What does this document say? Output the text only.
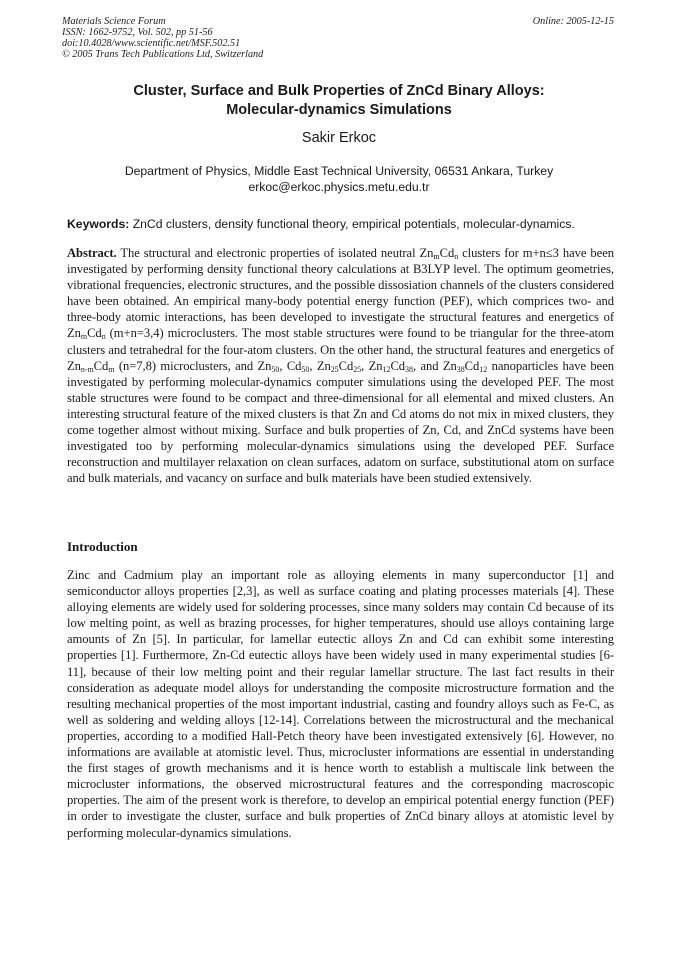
Materials Science Forum
ISSN: 1662-9752, Vol. 502, pp 51-56
doi:10.4028/www.scientific.net/MSF.502.51
© 2005 Trans Tech Publications Ltd, Switzerland
Online: 2005-12-15
Cluster, Surface and Bulk Properties of ZnCd Binary Alloys:
Molecular-dynamics Simulations
Sakir Erkoc
Department of Physics, Middle East Technical University, 06531 Ankara, Turkey
erkoc@erkoc.physics.metu.edu.tr
Keywords: ZnCd clusters, density functional theory, empirical potentials, molecular-dynamics.
Abstract. The structural and electronic properties of isolated neutral $Zn_mCd_n$ clusters for m+n≤3 have been investigated by performing density functional theory calculations at B3LYP level. The optimum geometries, vibrational frequencies, electronic structures, and the possible dissosiation channels of the clusters considered have been obtained. An empirical many-body potential energy function (PEF), which comprices two- and three-body atomic interactions, has been developed to investigate the structural features and energetics of $Zn_mCd_n$ (m+n=3,4) microclusters. The most stable structures were found to be triangular for the three-atom clusters and tetrahedral for the four-atom clusters. On the other hand, the structural features and energetics of $Zn_{n-m}Cd_m$ (n=7,8) microclusters, and $Zn_{50}$, $Cd_{50}$, $Zn_{25}Cd_{25}$, $Zn_{12}Cd_{38}$, and $Zn_{38}Cd_{12}$ nanoparticles have been investigated by performing molecular-dynamics computer simulations using the developed PEF. The most stable structures were found to be compact and three-dimensional for all elemental and mixed clusters. An interesting structural feature of the mixed clusters is that Zn and Cd atoms do not mix in mixed clusters, they come together almost without mixing. Surface and bulk properties of Zn, Cd, and ZnCd systems have been investigated too by performing molecular-dynamics simulations using the developed PEF. Surface reconstruction and multilayer relaxation on clean surfaces, adatom on surface, substitutional atom on surface and bulk materials, and vacancy on surface and bulk materials have been studied extensively.
Introduction
Zinc and Cadmium play an important role as alloying elements in many superconductor [1] and semiconductor alloys properties [2,3], as well as surface coating and plating processes materials [4]. These alloying elements are widely used for soldering processes, since many solders may contain Cd because of its low melting point, as well as brazing processes, for higher temperatures, should use alloys containing large amounts of Zn [5]. In particular, for lamellar eutectic alloys Zn and Cd can exhibit some interesting properties [1]. Furthermore, Zn-Cd eutectic alloys have been widely used in many experimental studies [6-11], because of their low melting point and their regular lamellar structure. The last fact results in their consideration as adequate model alloys for understanding the composite microstructure formation and the resulting mechanical properties of the most important industrial, casting and foundry alloys such as Fe-C, as well as soldering and welding alloys [12-14]. Correlations between the microstructural and the mechanical properties, according to a modified Hall-Petch theory have been investigated extensively [6]. However, no informations are available at atomistic level. Thus, microcluster informations are essential in understanding the first stages of growth mechanisms and it is hence worth to establish a multiscale link between the microcluster informations, the observed microstructural features and the corresponding macroscopic properties. The aim of the present work is therefore, to develop an empirical potential energy function (PEF) in order to investigate the cluster, surface and bulk properties of ZnCd binary alloys at atomistic level by performing molecular-dynamics simulations.
